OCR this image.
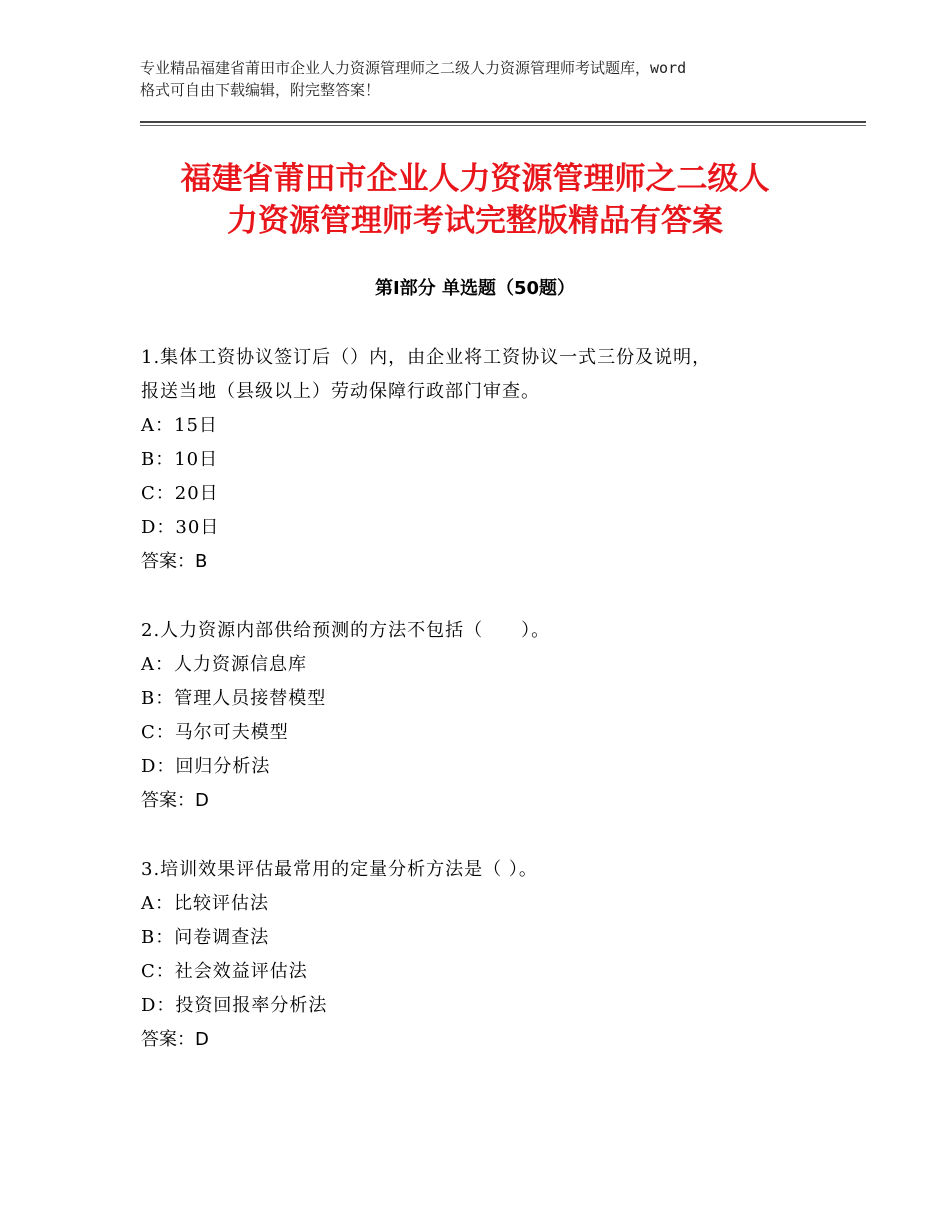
专业精品福建省莆田市企业人力资源管理师之二级人力资源管理师考试题库，word
格式可自由下载编辑，附完整答案！
福建省莆田市企业人力资源管理师之二级人
力资源管理师考试完整版精品有答案
第Ⅰ部分 单选题（50题）
1.集体工资协议签订后（）内，由企业将工资协议一式三份及说明，
报送当地（县级以上）劳动保障行政部门审查。
A：15日
B：10日
C：20日
D：30日
答案：B
2.人力资源内部供给预测的方法不包括（　　）。
A：人力资源信息库
B：管理人员接替模型
C：马尔可夫模型
D：回归分析法
答案：D
3.培训效果评估最常用的定量分析方法是（ ）。
A：比较评估法
B：问卷调查法
C：社会效益评估法
D：投资回报率分析法
答案：D
